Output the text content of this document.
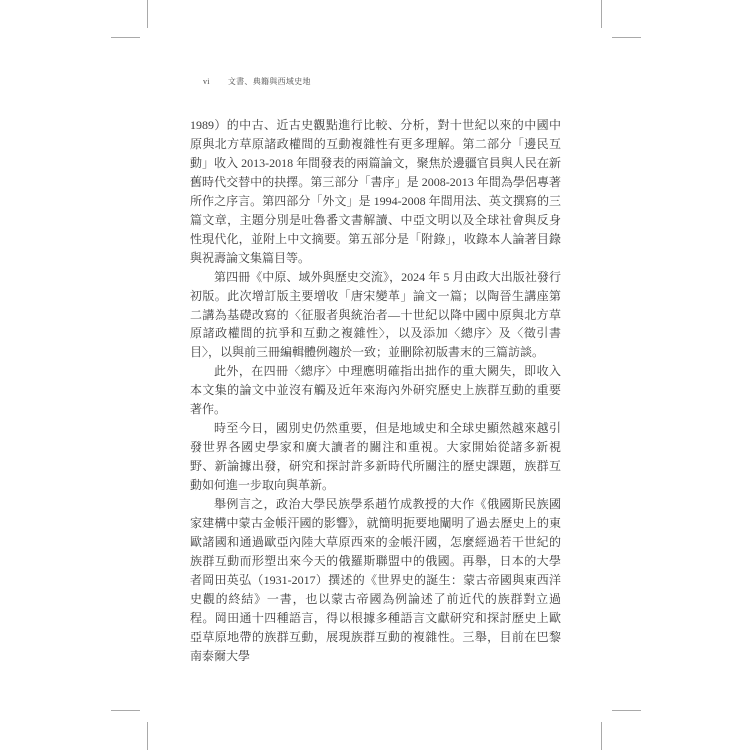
vi 文書、典籍與西域史地

1989）的中古、近古史觀點進行比較、分析，對十世紀以來的中國中原與北方草原諸政權間的互動複雜性有更多理解。第二部分「邊民互動」收入 2013-2018 年間發表的兩篇論文，聚焦於邊疆官員與人民在新舊時代交替中的抉擇。第三部分「書序」是 2008-2013 年間為學侶專著所作之序言。第四部分「外文」是 1994-2008 年間用法、英文撰寫的三篇文章，主題分別是吐魯番文書解讀、中亞文明以及全球社會與反身性現代化，並附上中文摘要。第五部分是「附錄」，收錄本人論著目錄與祝壽論文集篇目等。

第四冊《中原、域外與歷史交流》，2024 年 5 月由政大出版社發行初版。此次增訂版主要增收「唐宋變革」論文一篇；以陶晉生講座第二講為基礎改寫的〈征服者與統治者—十世紀以降中國中原與北方草原諸政權間的抗爭和互動之複雜性〉，以及添加〈總序〉及〈徵引書目〉，以與前三冊編輯體例趨於一致；並刪除初版書末的三篇訪談。

此外，在四冊〈總序〉中理應明確指出拙作的重大闕失，即收入本文集的論文中並沒有觸及近年來海內外研究歷史上族群互動的重要著作。

時至今日，國別史仍然重要，但是地域史和全球史顯然越來越引發世界各國史學家和廣大讀者的關注和重視。大家開始從諸多新視野、新論據出發，研究和探討許多新時代所關注的歷史課題，族群互動如何進一步取向與革新。

舉例言之，政治大學民族學系趙竹成教授的大作《俄國斯民族國家建構中蒙古金帳汗國的影響》，就簡明扼要地闡明了過去歷史上的東歐諸國和通過歐亞內陸大草原西來的金帳汗國，怎麼經過若干世紀的族群互動而形塑出來今天的俄羅斯聯盟中的俄國。再舉，日本的大學者岡田英弘（1931-2017）撰述的《世界史的誕生：蒙古帝國與東西洋史觀的終結》一書，也以蒙古帝國為例論述了前近代的族群對立過程。岡田通十四種語言，得以根據多種語言文獻研究和探討歷史上歐亞草原地帶的族群互動，展現族群互動的複雜性。三舉，目前在巴黎南泰爾大學
